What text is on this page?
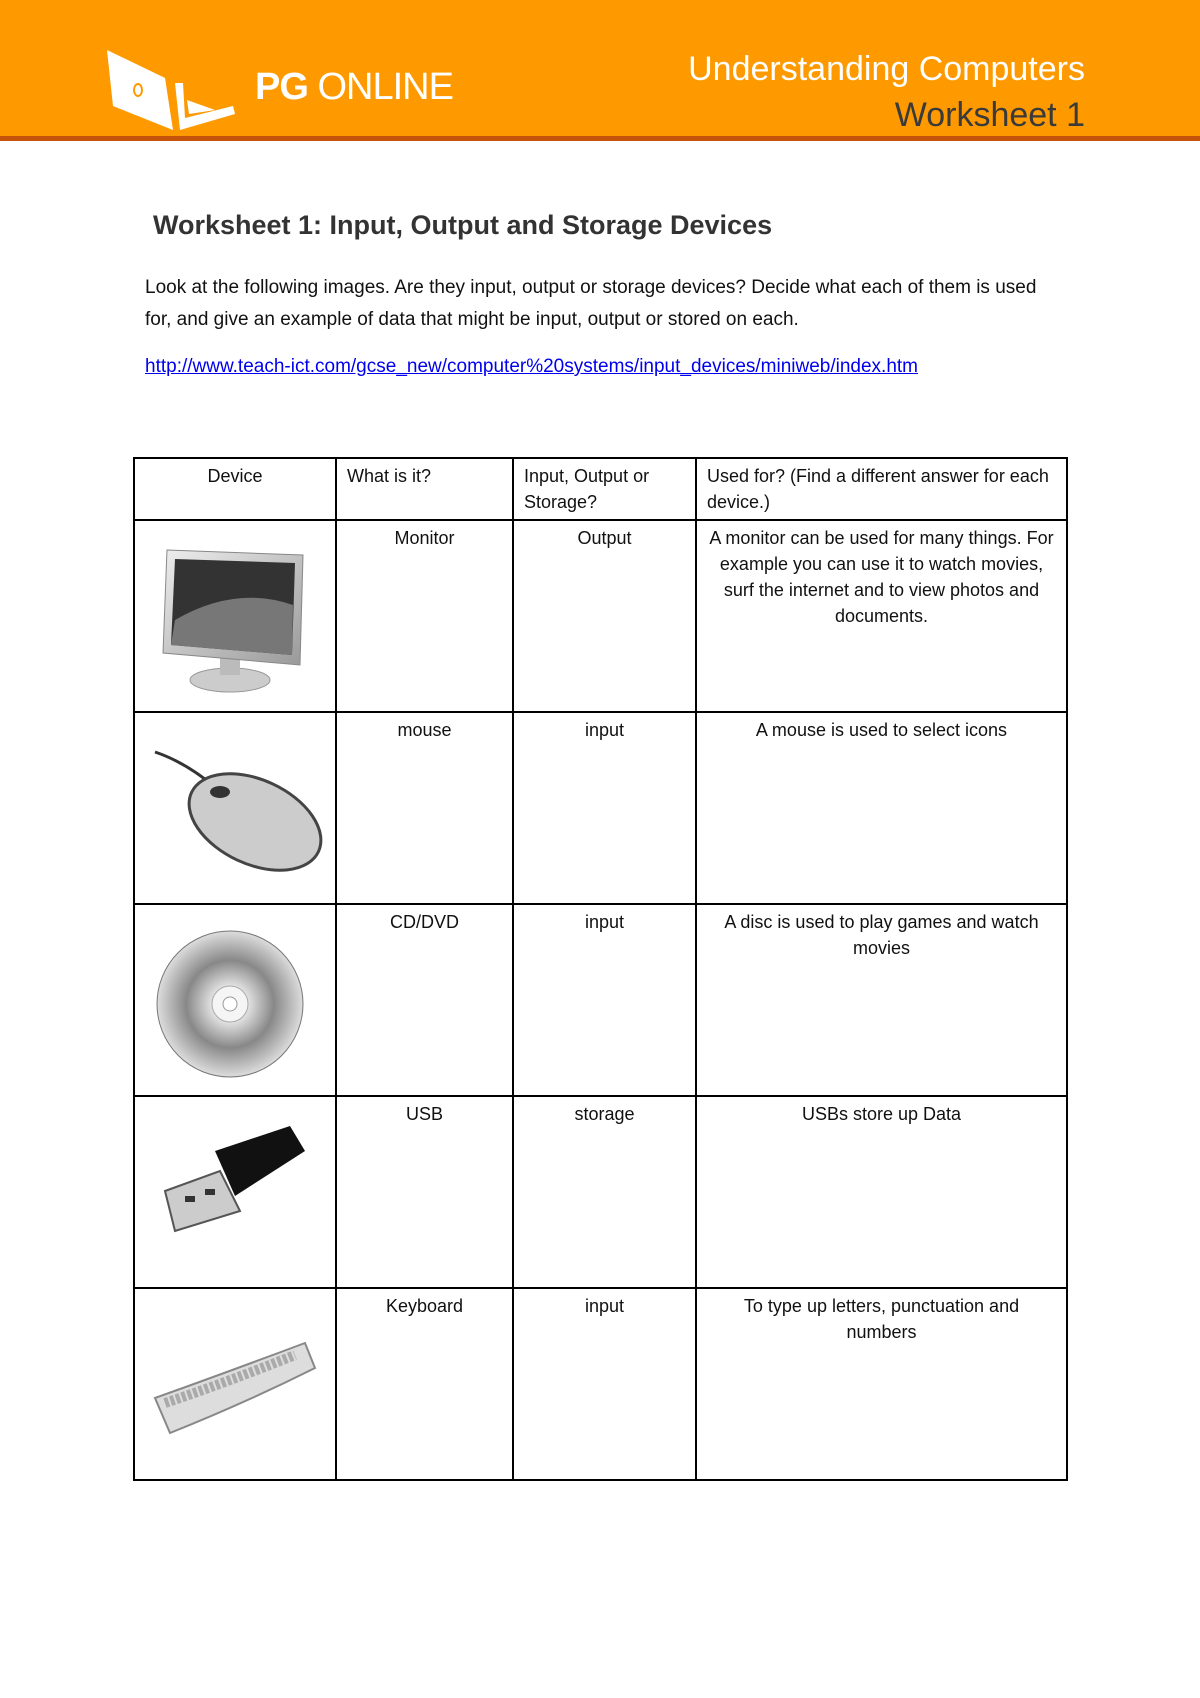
PG ONLINE	Understanding Computers
Worksheet 1
Worksheet 1: Input, Output and Storage Devices
Look at the following images. Are they input, output or storage devices? Decide what each of them is used for, and give an example of data that might be input, output or stored on each.
http://www.teach-ict.com/gcse_new/computer%20systems/input_devices/miniweb/index.htm
Device	What is it?	Input, Output or Storage?	Used for? (Find a different answer for each device.)
	Monitor	Output	A monitor can be used for many things. For example you can use it to watch movies, surf the internet and to view photos and documents.
	mouse	input	A mouse is used to select icons
	CD/DVD	input	A disc is used to play games and watch movies
	USB	storage	USBs store up Data
	Keyboard	input	To type up letters, punctuation and numbers
